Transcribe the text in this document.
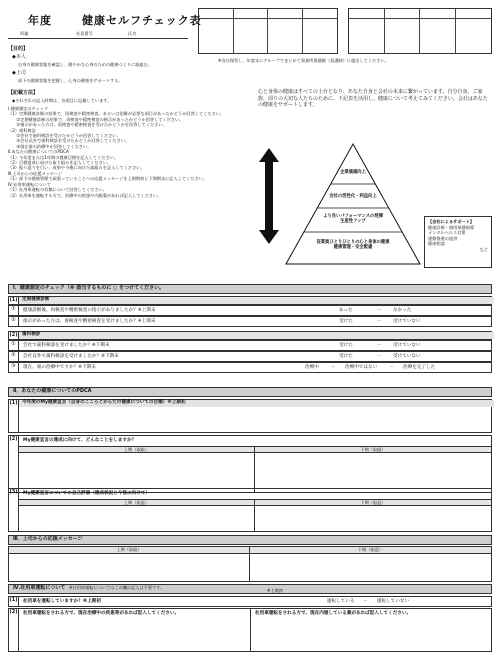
年度	健康セルフチェック表
所属	社員番号	氏名
※各自保管し、年度末にグループでまとめて事業所保健師（看護師）に提出してください。
【目的】
◆本人
自身の健康状態を確認し、健やかな心身のための健康づくりに取組む。
◆上司
部下の健康状態を把握し、心身の健康をサポートする。
【記載方法】
◆それぞれの記入時期は、各項目に記載しています。
Ⅰ.健康測定のチェック
（1）定期健康診断の結果で、再検査や精密検査、あるいは治療が必要な項目があったかどうか回答してください。
　　①定期健康診断の結果で、再検査や精密検査の指示があったかどうか回答してください。
　　②指示があった方は、再検査や精密検査を受けたかどうかを回答してください。
（2）歯科検診
　　①会社で歯科検診を受けたかどうか回答してください。
　　②会社以外で歯科検診を受けたかどうか回答してください。
　　③現在歯の治療中か回答してください。
Ⅱ.あなたの健康についてのPDCA
（1）今年度または1年間の健康目標を記入してください。
（2）目標達成に向けた取り組みを記入してください。
（3）振り返りを行い、成果や今後に向けた取組みを記入してください。
Ⅲ.上司からの応援メッセージ
（1）部下の健康管理で頑張っていることへの応援メッセージを上期期初と下期期末に記入してください。
Ⅳ.社用車運転について
（1）社用車運転の有無について回答してください。
（2）社用車を運転する方で、治療中の疾患や内服薬があれば記入してください。
心と身体の健康はすべての土台となり、あなた自身と会社の未来に繋がっています。自分自身、ご家族、周りの大切な人たちのために、下記表を活用し、健康について考えてみてください。会社はあなたの健康をサポートします。
企業価値向上
会社の活性化・利益向上
より良いパフォーマンスの発揮
生産性アップ
従業員ひとりひとりの心と身体の健康
健康管理・安全配慮
【会社によるサポート】
健康診断・個別保健指導
メンタルヘルス対策
運動推進の提供
健康相談
など
Ⅰ．健康測定のチェック（※ 該当するものに ○ をつけてください。
(1) 定期健康診断
①	健康診断後、再検査や精密検査の指示がありましたか？※上期末	あった	－ なかった
②	指示があった方は、再検査や精密検査を受けましたか？※上期末	受けた	－ 受けていない
(2) 歯科検診
①	会社で歯科検診を受けましたか？※下期末	受けた	－ 受けていない
②	会社以外で歯科検診を受けましたか？※下期末	受けた	－ 受けていない
③	現在、歯の治療中ですか？※下期末	治療中	－ 治療中ではない	－ 治療を完了した
Ⅱ．あなたの健康についてのPDCA
(1) 今年度のMy健康宣言（自身のこころとからだの健康についての目標）※上期初
(2)	My健康宣言の達成に向けて、どんなことをしますか？
上期（取組）	下期（取組）
(3)	My健康宣言についての自己評価（達成状況と今後に向けて）
上期（振返）	下期（振返）
Ⅲ．上司からの応援メッセージ
上期（取組）	下期（振返）
Ⅳ.社用車運転について ※社用車運転についてはこの欄の記入は不要です。
※上期初
(1)	社用車を運転していますか？※上期初	運転している － 運転していない
(2)	社用車運転をされる方で、現在治療中の疾患等があれば記入してください。	社用車運転をされる方で、現在内服している薬があれば記入してください。
